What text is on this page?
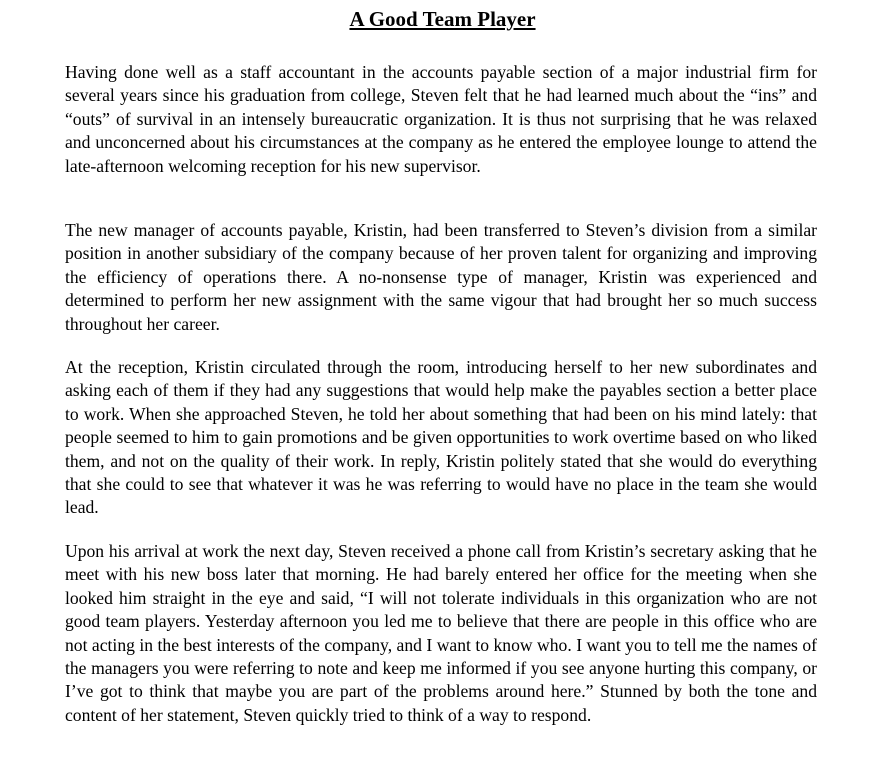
A Good Team Player

Having done well as a staff accountant in the accounts payable section of a major industrial firm for several years since his graduation from college, Steven felt that he had learned much about the “ins” and “outs” of survival in an intensely bureaucratic organization. It is thus not surprising that he was relaxed and unconcerned about his circumstances at the company as he entered the employee lounge to attend the late-afternoon welcoming reception for his new supervisor.

The new manager of accounts payable, Kristin, had been transferred to Steven’s division from a similar position in another subsidiary of the company because of her proven talent for organizing and improving the efficiency of operations there. A no-nonsense type of manager, Kristin was experienced and determined to perform her new assignment with the same vigour that had brought her so much success throughout her career.

At the reception, Kristin circulated through the room, introducing herself to her new subordinates and asking each of them if they had any suggestions that would help make the payables section a better place to work. When she approached Steven, he told her about something that had been on his mind lately: that people seemed to him to gain promotions and be given opportunities to work overtime based on who liked them, and not on the quality of their work. In reply, Kristin politely stated that she would do everything that she could to see that whatever it was he was referring to would have no place in the team she would lead.

Upon his arrival at work the next day, Steven received a phone call from Kristin’s secretary asking that he meet with his new boss later that morning. He had barely entered her office for the meeting when she looked him straight in the eye and said, “I will not tolerate individuals in this organization who are not good team players. Yesterday afternoon you led me to believe that there are people in this office who are not acting in the best interests of the company, and I want to know who. I want you to tell me the names of the managers you were referring to note and keep me informed if you see anyone hurting this company, or I’ve got to think that maybe you are part of the problems around here.” Stunned by both the tone and content of her statement, Steven quickly tried to think of a way to respond.
